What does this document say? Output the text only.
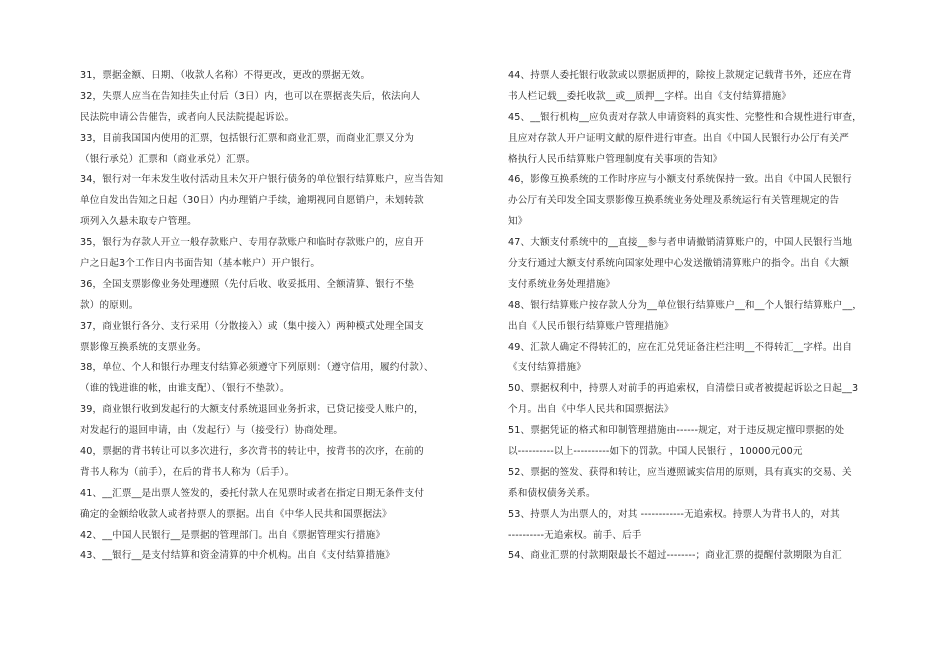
31，票据金额、日期、（收款人名称）不得更改，更改的票据无效。
32，失票人应当在告知挂失止付后（3日）内，也可以在票据丧失后，依法向人
民法院申请公告催告，或者向人民法院提起诉讼。
33，目前我国国内使用的汇票，包括银行汇票和商业汇票，而商业汇票又分为
（银行承兑）汇票和（商业承兑）汇票。
34，银行对一年未发生收付活动且未欠开户银行债务的单位银行结算账户，应当告知
单位自发出告知之日起（30日）内办理销户手续，逾期视同自愿销户，未划转款
项列入久悬未取专户管理。
35，银行为存款人开立一般存款账户、专用存款账户和临时存款账户的，应自开
户之日起3个工作日内书面告知（基本帐户）开户银行。
36，全国支票影像业务处理遵照（先付后收、收妥抵用、全额清算、银行不垫
款）的原则。
37，商业银行各分、支行采用（分散接入）或（集中接入）两种模式处理全国支
票影像互换系统的支票业务。
38，单位、个人和银行办理支付结算必须遵守下列原则：（遵守信用，履约付款）、
（谁的钱进谁的帐，由谁支配）、（银行不垫款）。
39，商业银行收到发起行的大额支付系统退回业务折求，已贷记接受人账户的，
对发起行的退回申请，由（发起行）与（接受行）协商处理。
40，票据的背书转让可以多次进行，多次背书的转让中，按背书的次序，在前的
背书人称为（前手），在后的背书人称为（后手）。
41、__汇票__是出票人签发的，委托付款人在见票时或者在指定日期无条件支付
确定的金额给收款人或者持票人的票据。出自《中华人民共和国票据法》
42、__中国人民银行__是票据的管理部门。出自《票据管理实行措施》
43、__银行__是支付结算和资金清算的中介机构。出自《支付结算措施》
44、持票人委托银行收款或以票据质押的，除按上款规定记载背书外，还应在背
书人栏记载__委托收款__或__质押__字样。出自《支付结算措施》
45、__银行机构__应负责对存款人申请资料的真实性、完整性和合规性进行审查，
且应对存款人开户证明文献的原件进行审查。出自《中国人民银行办公厅有关严
格执行人民币结算账户管理制度有关事项的告知》
46，影像互换系统的工作时序应与小额支付系统保持一致。出自《中国人民银行
办公厅有关印发全国支票影像互换系统业务处理及系统运行有关管理规定的告
知》
47、大额支付系统中的__直接__参与者申请撤销清算账户的，中国人民银行当地
分支行通过大额支付系统向国家处理中心发送撤销清算账户的指令。出自《大额
支付系统业务处理措施》
48、银行结算账户按存款人分为__单位银行结算账户__和__个人银行结算账户__，
出自《人民币银行结算账户管理措施》
49、汇款人确定不得转汇的，应在汇兑凭证备注栏注明__不得转汇__字样。出自
《支付结算措施》
50、票据权利中，持票人对前手的再追索权，自清偿日或者被提起诉讼之日起__3
个月。出自《中华人民共和国票据法》
51、票据凭证的格式和印制管理措施由------规定，对于违反规定擅印票据的处
以----------以上----------如下的罚款。中国人民银行 ，10000元00元
52、票据的签发、获得和转让，应当遵照诚实信用的原则，具有真实的交易、关
系和债权债务关系。
53、持票人为出票人的，对其 ------------无追索权。持票人为背书人的，对其
----------无追索权。前手、后手
54、商业汇票的付款期限最长不超过--------；商业汇票的提醒付款期限为自汇
